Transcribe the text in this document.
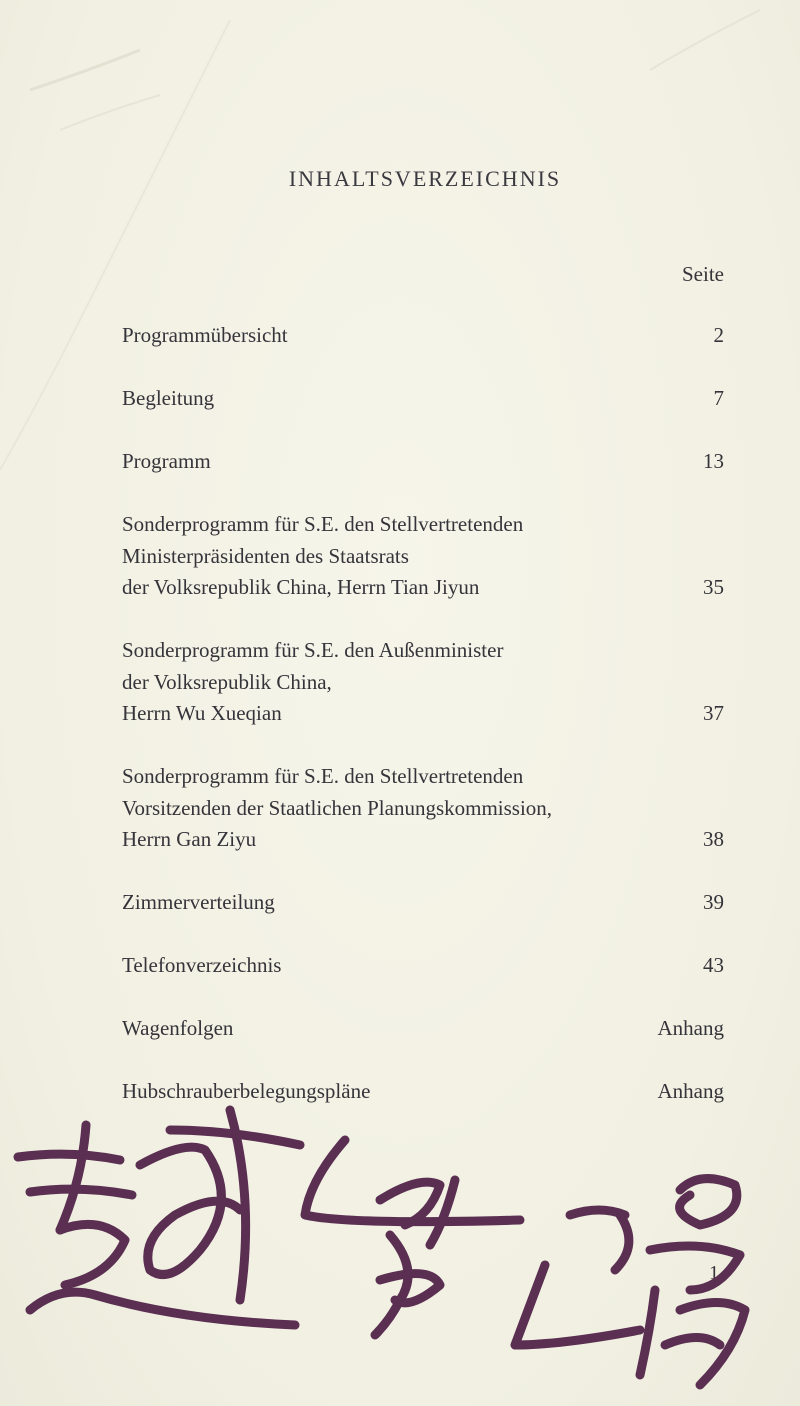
INHALTSVERZEICHNIS
Seite
Programmübersicht	2
Begleitung	7
Programm	13
Sonderprogramm für S.E. den Stellvertretenden
Ministerpräsidenten des Staatsrats
der Volksrepublik China, Herrn Tian Jiyun	35
Sonderprogramm für S.E. den Außenminister
der Volksrepublik China,
Herrn Wu Xueqian	37
Sonderprogramm für S.E. den Stellvertretenden
Vorsitzenden der Staatlichen Planungskommission,
Herrn Gan Ziyu	38
Zimmerverteilung	39
Telefonverzeichnis	43
Wagenfolgen	Anhang
Hubschrauberbelegungspläne	Anhang
1
